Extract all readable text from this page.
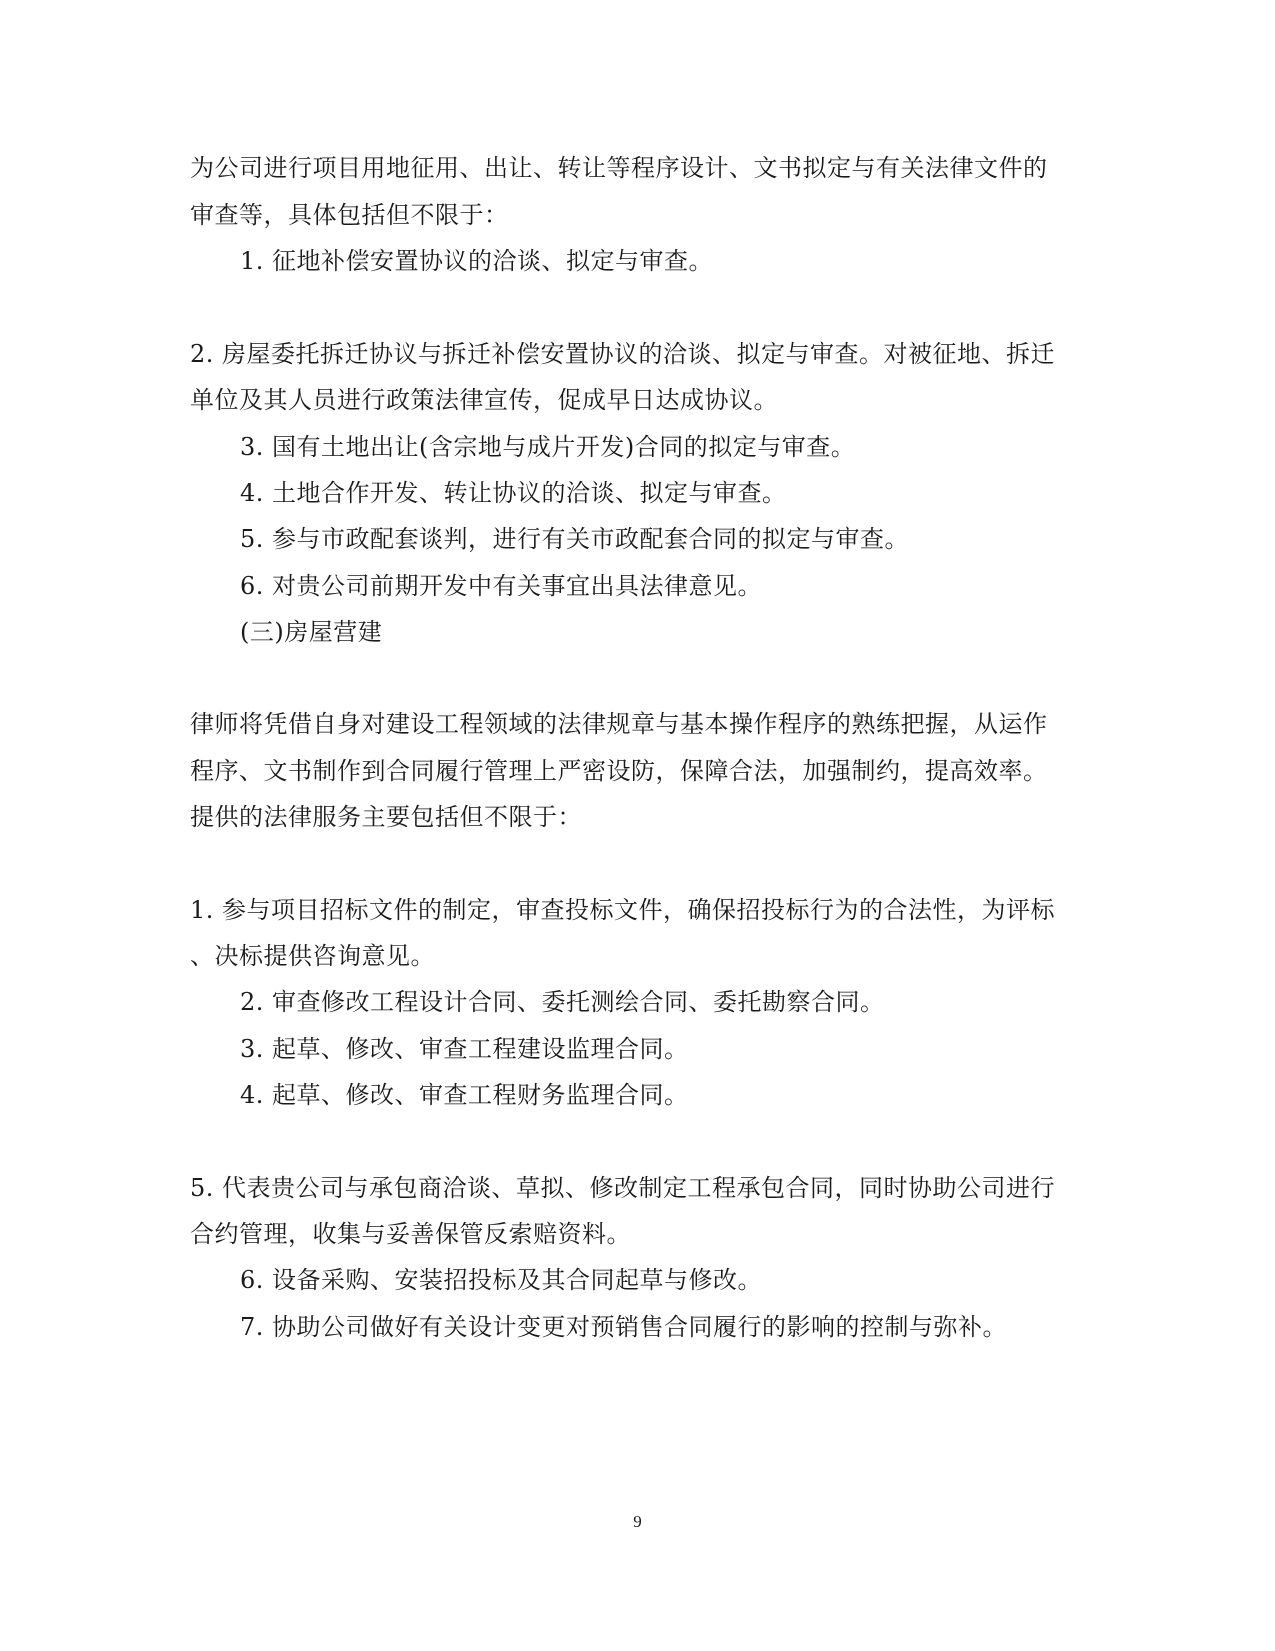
为公司进行项目用地征用、出让、转让等程序设计、文书拟定与有关法律文件的
审查等，具体包括但不限于：
1. 征地补偿安置协议的洽谈、拟定与审查。
2. 房屋委托拆迁协议与拆迁补偿安置协议的洽谈、拟定与审查。对被征地、拆迁
单位及其人员进行政策法律宣传，促成早日达成协议。
3. 国有土地出让(含宗地与成片开发)合同的拟定与审查。
4. 土地合作开发、转让协议的洽谈、拟定与审查。
5. 参与市政配套谈判，进行有关市政配套合同的拟定与审查。
6. 对贵公司前期开发中有关事宜出具法律意见。
(三)房屋营建
律师将凭借自身对建设工程领域的法律规章与基本操作程序的熟练把握，从运作
程序、文书制作到合同履行管理上严密设防，保障合法，加强制约，提高效率。
提供的法律服务主要包括但不限于：
1. 参与项目招标文件的制定，审查投标文件，确保招投标行为的合法性，为评标
、决标提供咨询意见。
2. 审查修改工程设计合同、委托测绘合同、委托勘察合同。
3. 起草、修改、审查工程建设监理合同。
4. 起草、修改、审查工程财务监理合同。
5. 代表贵公司与承包商洽谈、草拟、修改制定工程承包合同，同时协助公司进行
合约管理，收集与妥善保管反索赔资料。
6. 设备采购、安装招投标及其合同起草与修改。
7. 协助公司做好有关设计变更对预销售合同履行的影响的控制与弥补。
9
